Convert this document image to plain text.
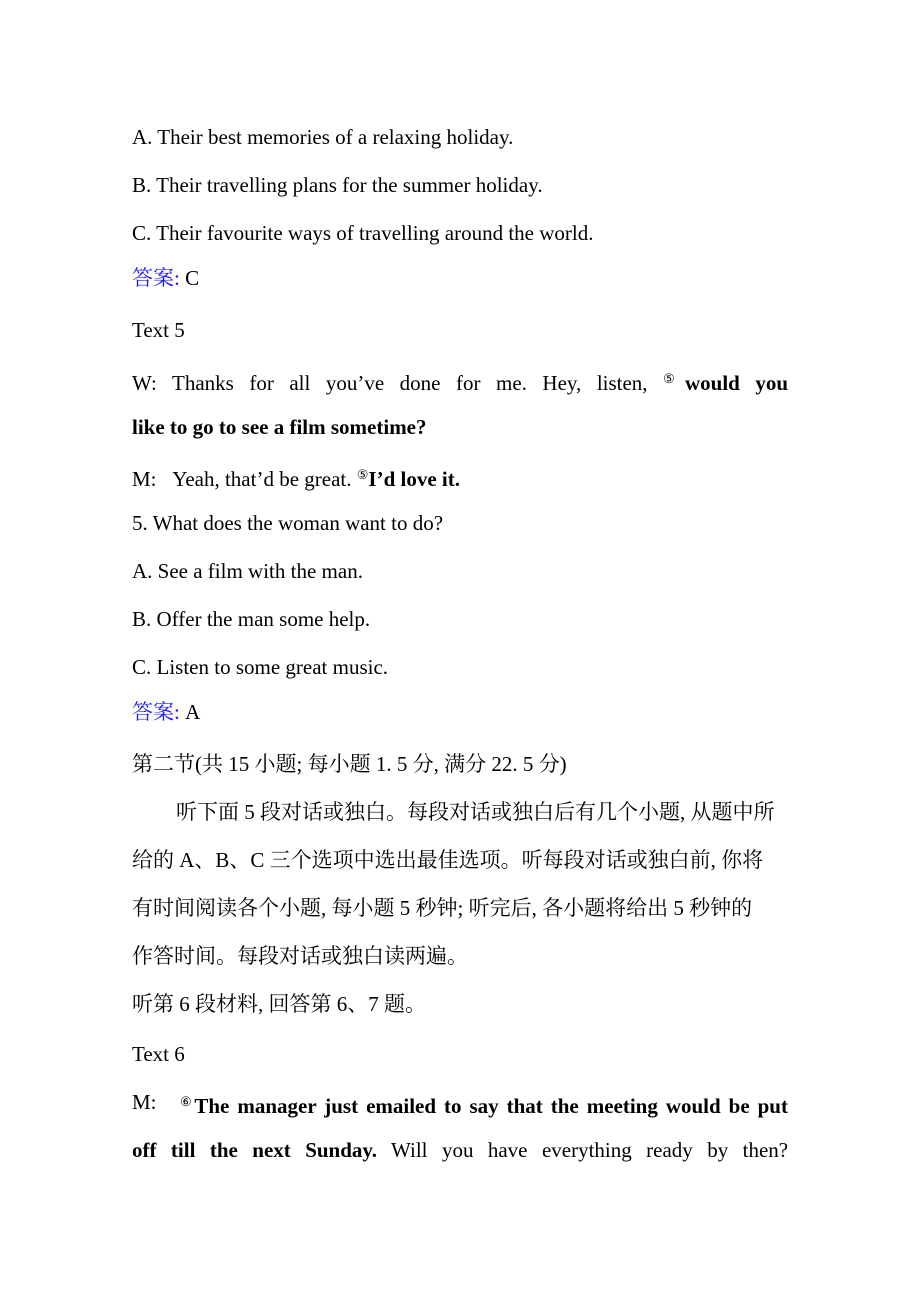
A. Their best memories of a relaxing holiday.
B. Their travelling plans for the summer holiday.
C. Their favourite ways of travelling around the world.
答案: C
Text 5
W: Thanks for all you’ve done for me. Hey, listen, ⑤would you
like to go to see a film sometime?
M: Yeah, that’d be great. ⑤I’d love it.
5. What does the woman want to do?
A. See a film with the man.
B. Offer the man some help.
C. Listen to some great music.
答案: A
第二节(共 15 小题; 每小题 1. 5 分, 满分 22. 5 分)
听下面 5 段对话或独白。每段对话或独白后有几个小题, 从题中所
给的 A、B、C 三个选项中选出最佳选项。听每段对话或独白前, 你将
有时间阅读各个小题, 每小题 5 秒钟; 听完后, 各小题将给出 5 秒钟的
作答时间。每段对话或独白读两遍。
听第 6 段材料, 回答第 6、7 题。
Text 6
M: ⑥The manager just emailed to say that the meeting would be put
off till the next Sunday. Will you have everything ready by then?
